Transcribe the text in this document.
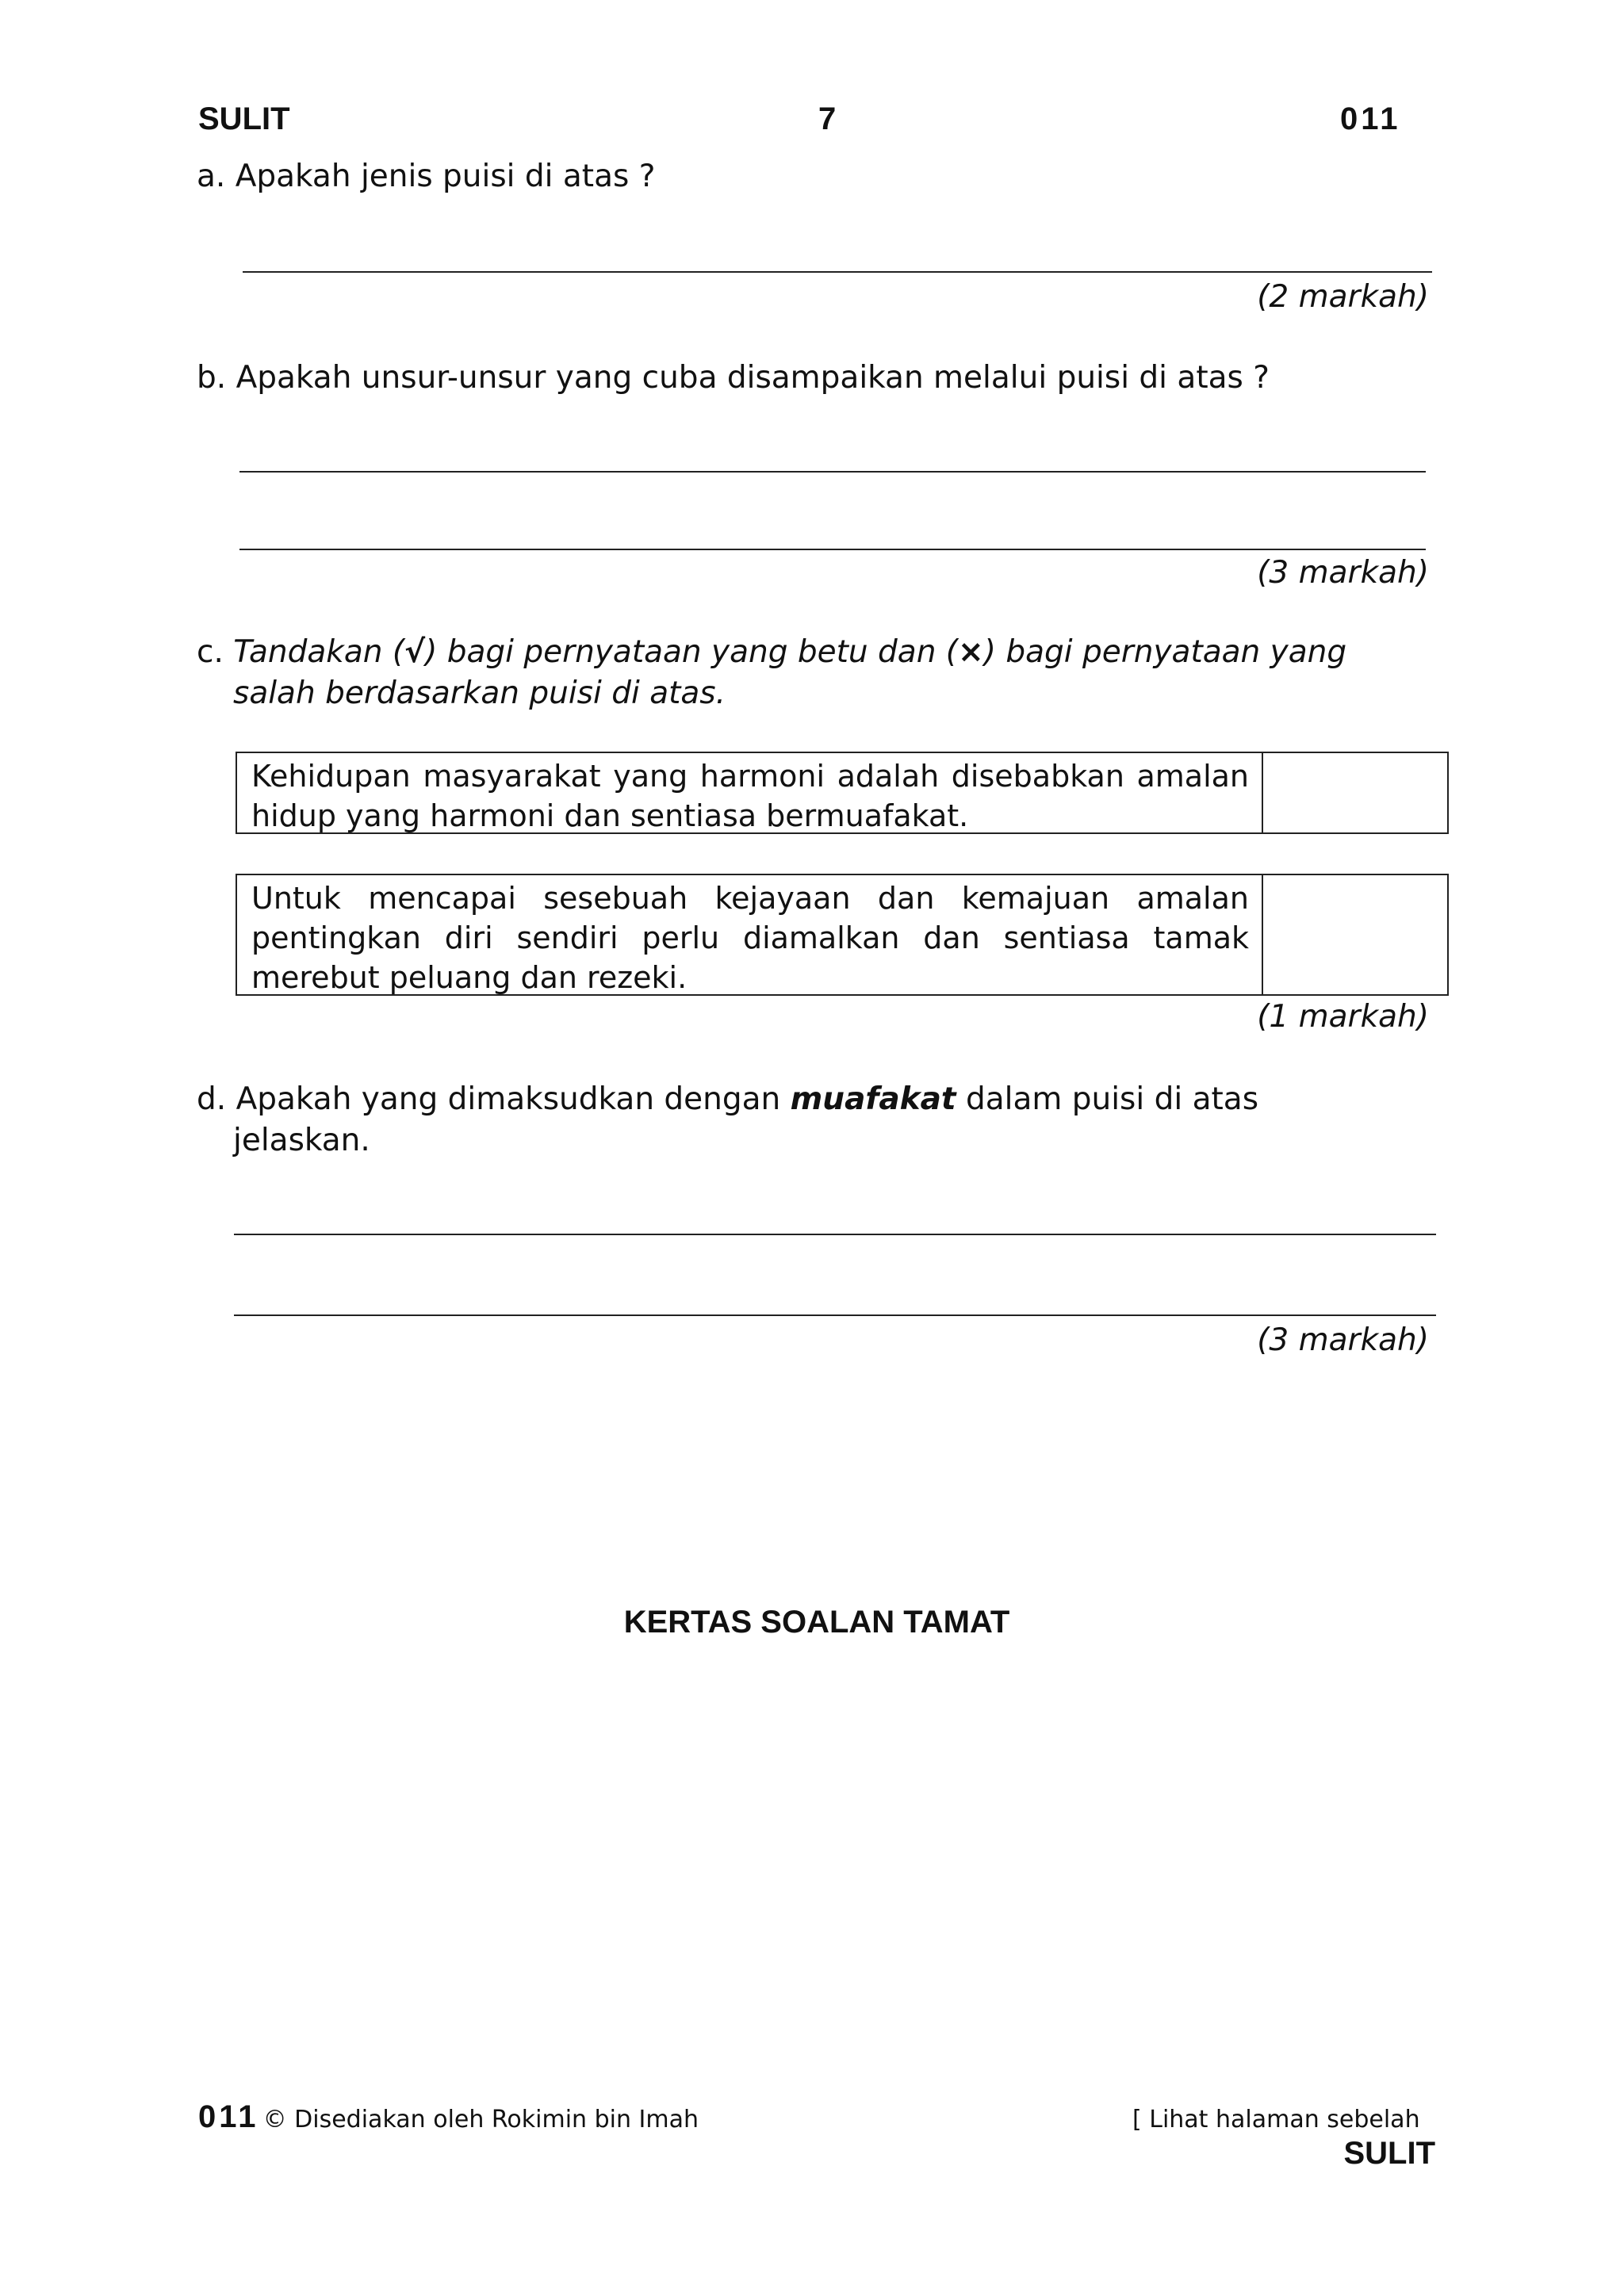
SULIT	7	011
a. Apakah jenis puisi di atas ?
(2 markah)
b. Apakah unsur-unsur yang cuba disampaikan melalui puisi di atas ?
(3 markah)
c. Tandakan (√) bagi pernyataan yang betu dan (×) bagi pernyataan yang
salah berdasarkan puisi di atas.
Kehidupan masyarakat yang harmoni adalah disebabkan amalan hidup yang harmoni dan sentiasa bermuafakat.
Untuk mencapai sesebuah kejayaan dan kemajuan amalan pentingkan diri sendiri perlu diamalkan dan sentiasa tamak merebut peluang dan rezeki.
(1 markah)
d. Apakah yang dimaksudkan dengan muafakat dalam puisi di atas
jelaskan.
(3 markah)
KERTAS SOALAN TAMAT
011 © Disediakan oleh Rokimin bin Imah	[ Lihat halaman sebelah
SULIT
